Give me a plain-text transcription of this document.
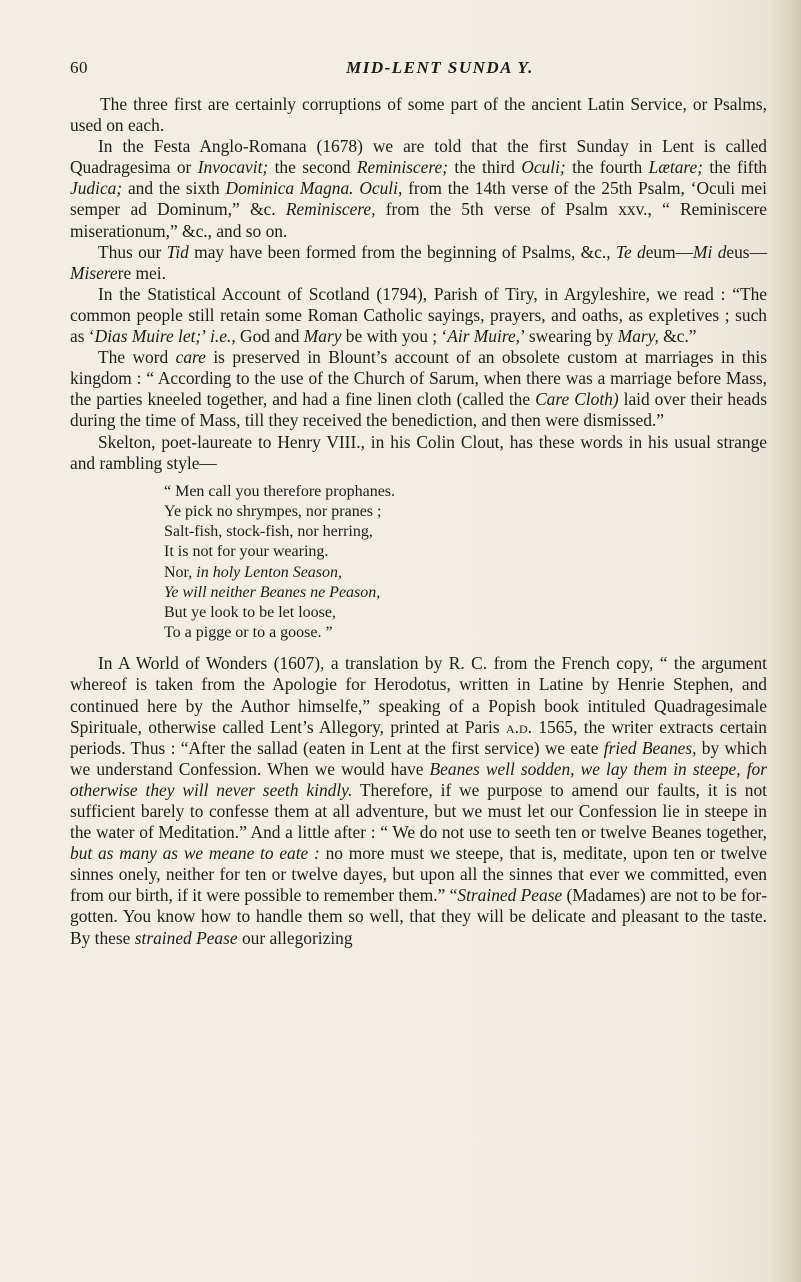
60	MID-LENT SUNDA Y.

The three first are certainly corruptions of some part of the ancient Latin Service, or Psalms, used on each.

In the Festa Anglo-Romana (1678) we are told that the first Sunday in Lent is called Quadragesima or Invocavit; the second Reminiscere; the third Oculi; the fourth Lætare; the fifth Judica; and the sixth Dominica Magna. Oculi, from the 14th verse of the 25th Psalm, ‘Oculi mei semper ad Dominum,” &c. Reminiscere, from the 5th verse of Psalm xxv., “ Reminiscere miserationum,” &c., and so on.

Thus our Tid may have been formed from the beginning of Psalms, &c., Te deum—Mi deus—Miserere mei.

In the Statistical Account of Scotland (1794), Parish of Tiry, in Argyleshire, we read : “The common people still retain some Roman Catholic sayings, prayers, and oaths, as expletives ; such as ‘Dias Muire let;’ i.e., God and Mary be with you ; ‘Air Muire,’ swearing by Mary, &c.”

The word care is preserved in Blount’s account of an obsolete custom at marriages in this kingdom : “ According to the use of the Church of Sarum, when there was a marriage before Mass, the parties kneeled together, and had a fine linen cloth (called the Care Cloth) laid over their heads during the time of Mass, till they received the benediction, and then were dismissed.”

Skelton, poet-laureate to Henry VIII., in his Colin Clout, has these words in his usual strange and rambling style—

“ Men call you therefore prophanes.
Ye pick no shrympes, nor pranes ;
Salt-fish, stock-fish, nor herring,
It is not for your wearing.
Nor, in holy Lenton Season,
Ye will neither Beanes ne Peason,
But ye look to be let loose,
To a pigge or to a goose. ”

In A World of Wonders (1607), a translation by R. C. from the French copy, “ the argument whereof is taken from the Apologie for Herodotus, written in Latine by Henrie Stephen, and continued here by the Author himselfe,” speaking of a Popish book intituled Quadragesimale Spirituale, otherwise called Lent’s Allegory, printed at Paris a.d. 1565, the writer extracts certain periods. Thus : “After the sallad (eaten in Lent at the first service) we eate fried Beanes, by which we understand Confession. When we would have Beanes well sodden, we lay them in steepe, for otherwise they will never seeth kindly. Therefore, if we purpose to amend our faults, it is not sufficient barely to confesse them at all adventure, but we must let our Confession lie in steepe in the water of Meditation.” And a little after : “ We do not use to seeth ten or twelve Beanes together, but as many as we meane to eate : no more must we steepe, that is, meditate, upon ten or twelve sinnes onely, neither for ten or twelve dayes, but upon all the sinnes that ever we committed, even from our birth, if it were possible to remember them.” “Strained Pease (Madames) are not to be forgotten. You know how to handle them so well, that they will be delicate and pleasant to the taste. By these strained Pease our allegorizing
